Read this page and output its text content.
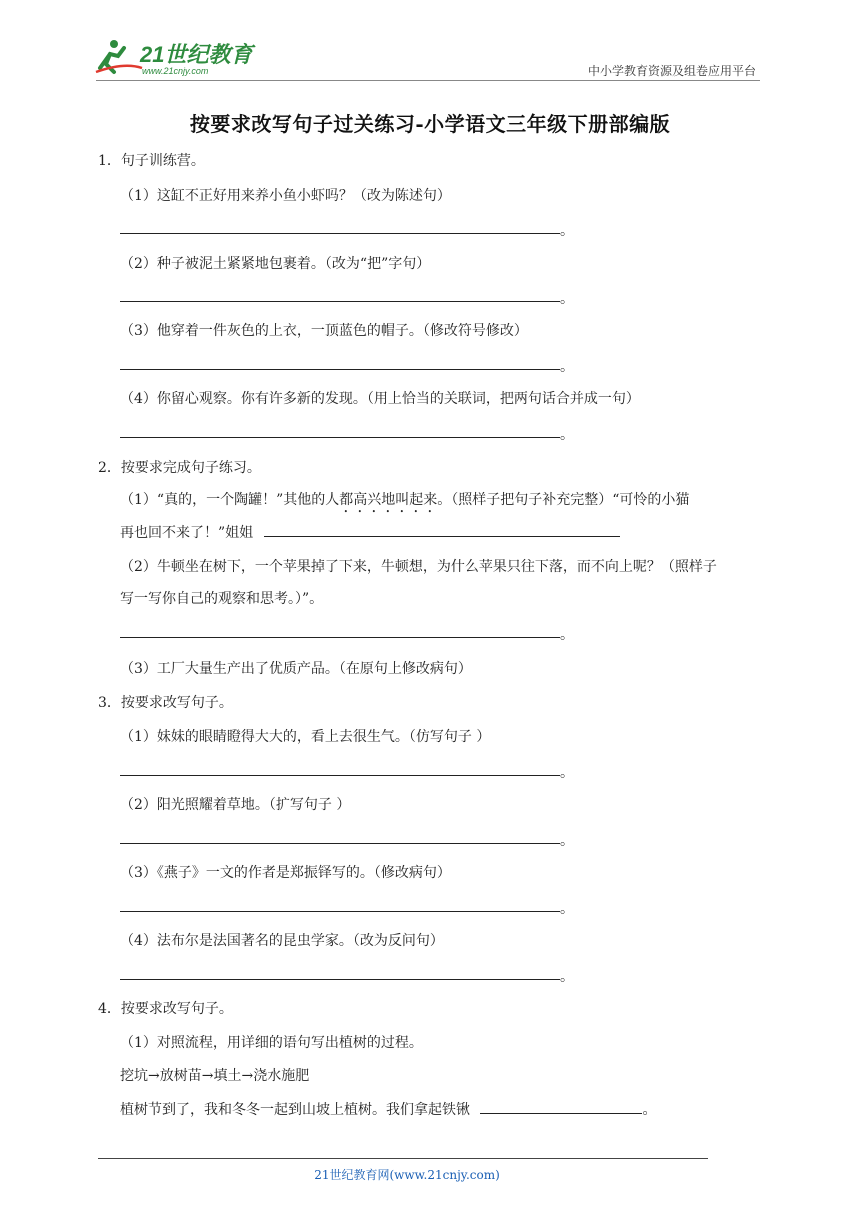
21世纪教育
www.21cnjy.com	中小学教育资源及组卷应用平台
按要求改写句子过关练习-小学语文三年级下册部编版
1．句子训练营。
（1）这缸不正好用来养小鱼小虾吗？（改为陈述句）
。
（2）种子被泥土紧紧地包裹着。（改为“把”字句）
。
（3）他穿着一件灰色的上衣，一顶蓝色的帽子。（修改符号修改）
。
（4）你留心观察。你有许多新的发现。（用上恰当的关联词，把两句话合并成一句）
。
2．按要求完成句子练习。
（1）“真的，一个陶罐！”其他的人都高兴地叫起来。（照样子把句子补充完整）“可怜的小猫
再也回不来了！”姐姐
（2）牛顿坐在树下，一个苹果掉了下来，牛顿想，为什么苹果只往下落，而不向上呢？（照样子
写一写你自己的观察和思考。）”。
。
（3）工厂大量生产出了优质产品。（在原句上修改病句）
3．按要求改写句子。
（1）妹妹的眼睛瞪得大大的，看上去很生气。（仿写句子 ）
。
（2）阳光照耀着草地。（扩写句子 ）
。
（3）《燕子》一文的作者是郑振铎写的。（修改病句）
。
（4）法布尔是法国著名的昆虫学家。（改为反问句）
。
4．按要求改写句子。
（1）对照流程，用详细的语句写出植树的过程。
挖坑→放树苗→填土→浇水施肥
植树节到了，我和冬冬一起到山坡上植树。我们拿起铁锹	。
21世纪教育网(www.21cnjy.com)
